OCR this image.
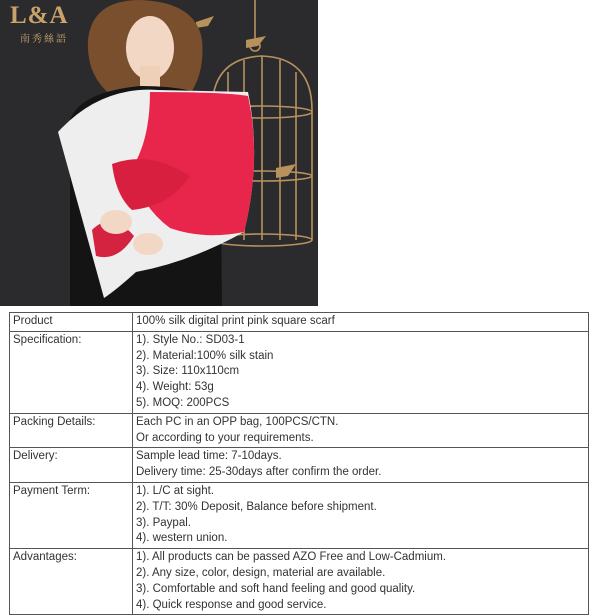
L&A
南秀絲語
Product	100% silk digital print pink square scarf

Specification:	1). Style No.: SD03-1
2). Material:100% silk stain
3). Size: 110x110cm
4). Weight: 53g
5). MOQ: 200PCS

Packing Details:	Each PC in an OPP bag, 100PCS/CTN.
Or according to your requirements.

Delivery:	Sample lead time: 7-10days.
Delivery time: 25-30days after confirm the order.

Payment Term:	1). L/C at sight.
2). T/T: 30% Deposit, Balance before shipment.
3). Paypal.
4). western union.

Advantages:	1). All products can be passed AZO Free and Low-Cadmium.
2). Any size, color, design, material are available.
3). Comfortable and soft hand feeling and good quality.
4). Quick response and good service.
